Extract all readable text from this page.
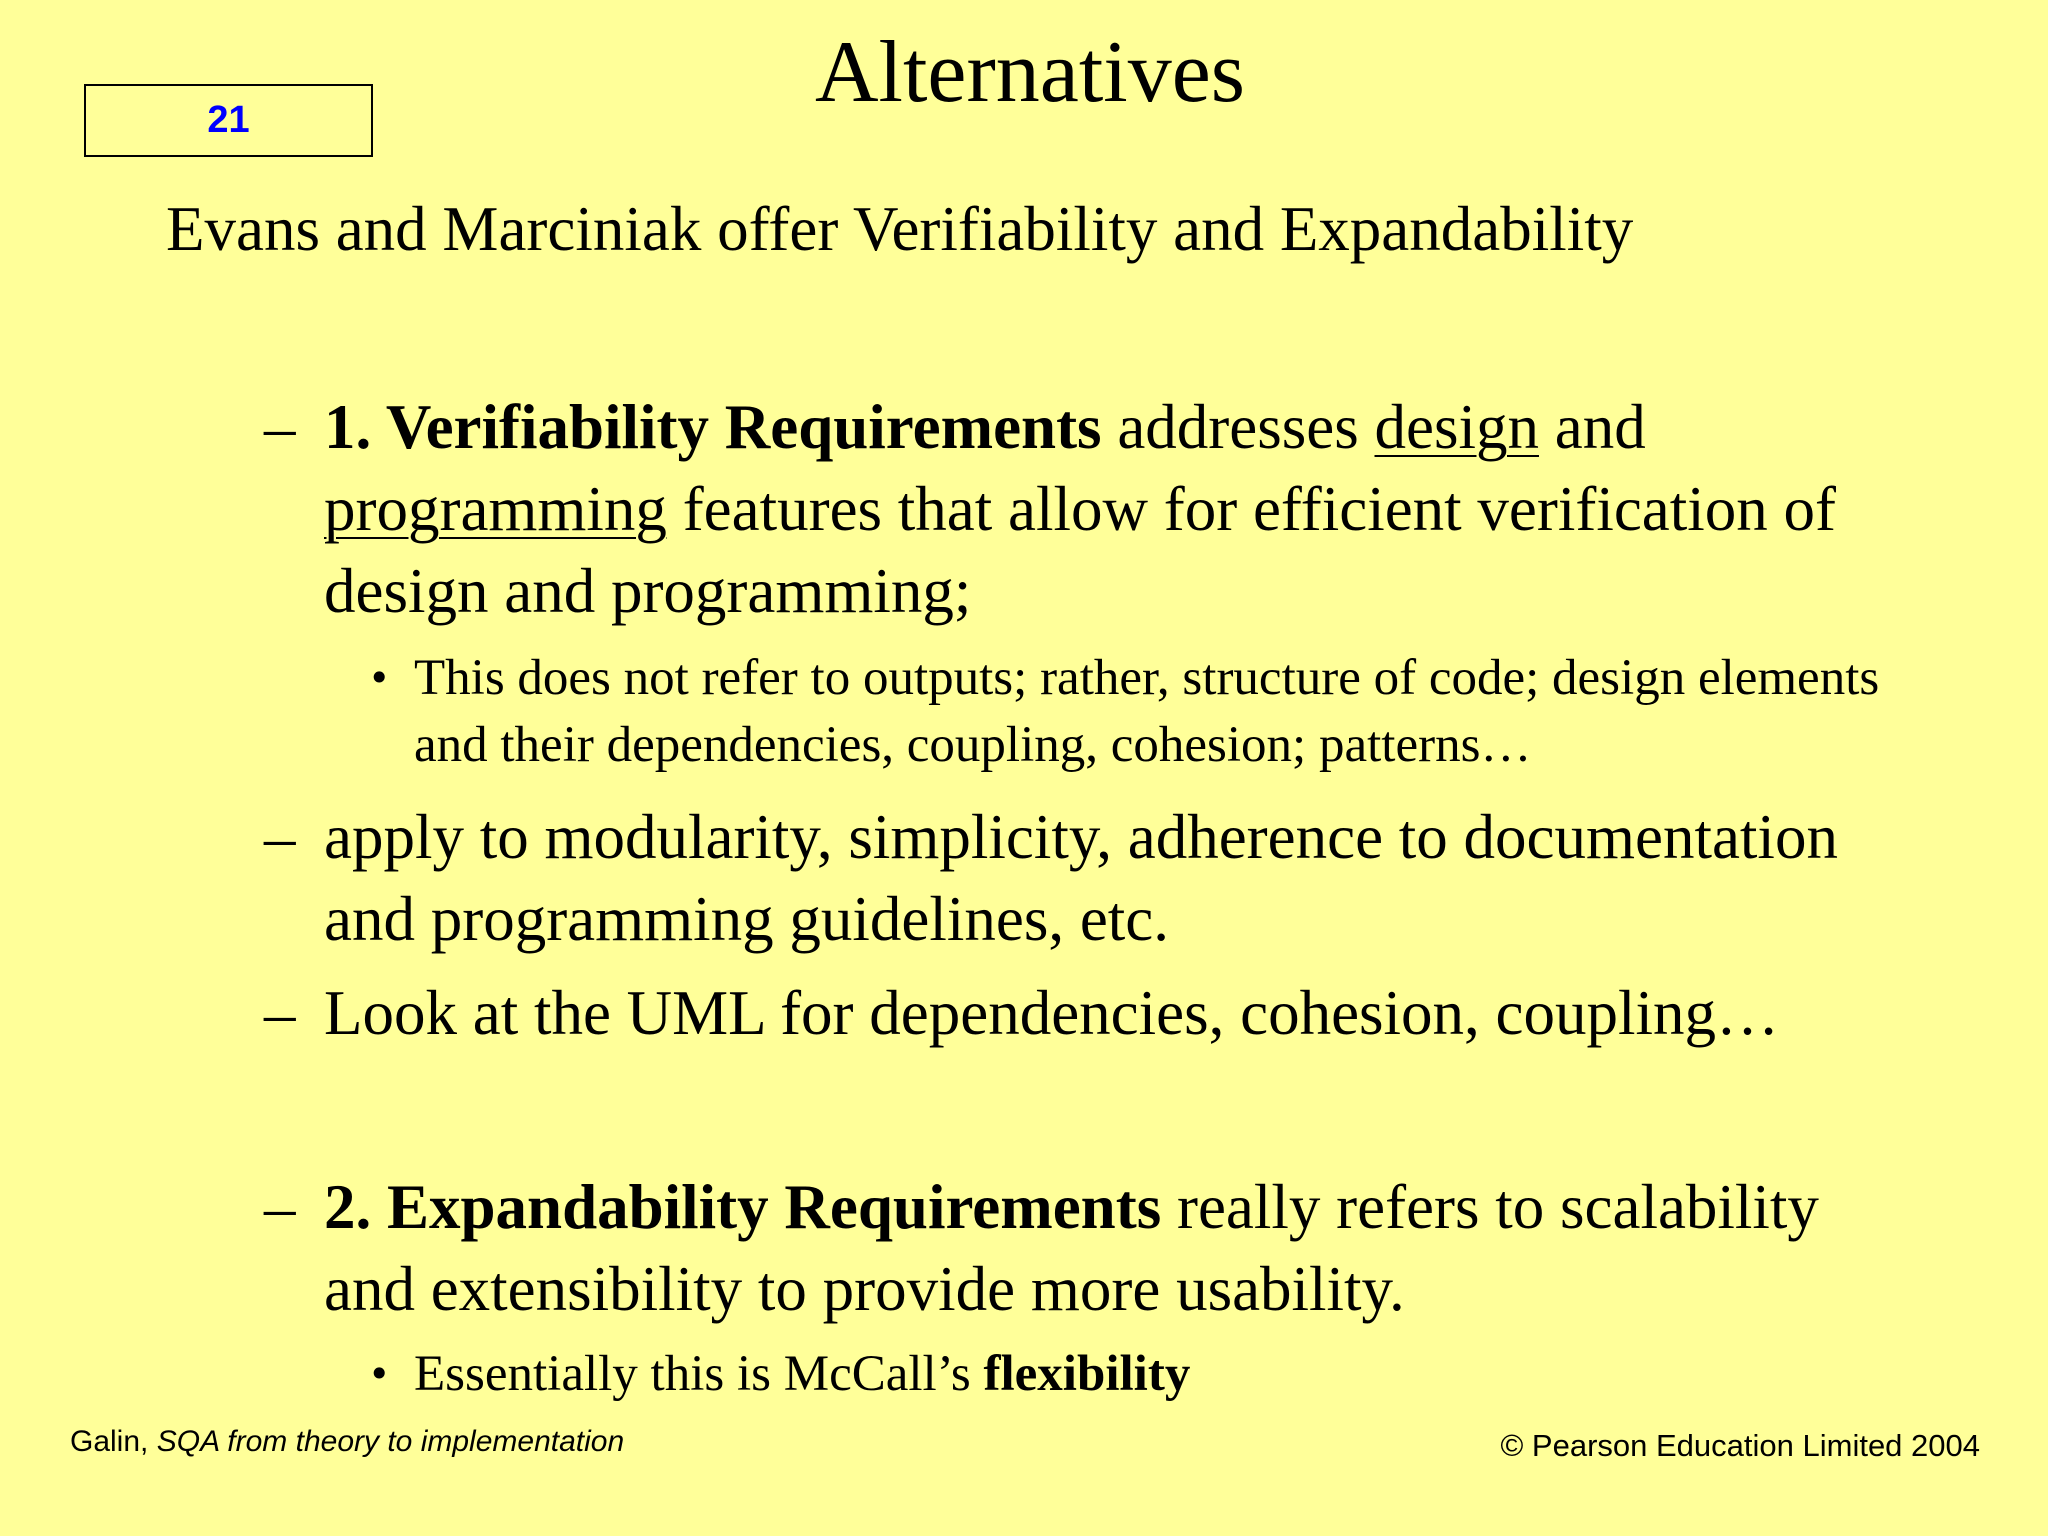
21	Alternatives
Evans and Marciniak offer Verifiability and Expandability
– 1. Verifiability Requirements addresses design and programming features that allow for efficient verification of design and programming;
• This does not refer to outputs; rather, structure of code; design elements and their dependencies, coupling, cohesion; patterns…
– apply to modularity, simplicity, adherence to documentation and programming guidelines, etc.
– Look at the UML for dependencies, cohesion, coupling…
– 2. Expandability Requirements really refers to scalability and extensibility to provide more usability.
• Essentially this is McCall’s flexibility
Galin, SQA from theory to implementation	© Pearson Education Limited 2004
